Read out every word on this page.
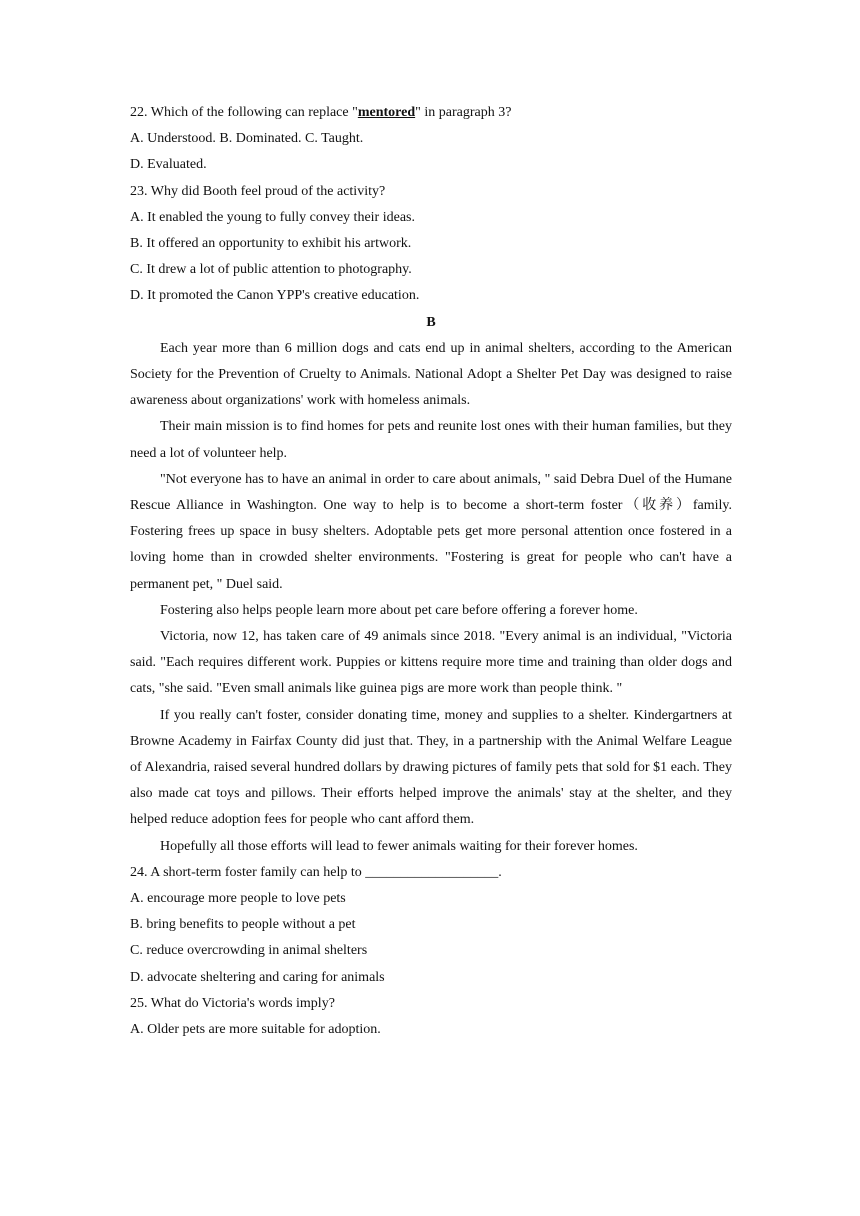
22. Which of the following can replace "mentored" in paragraph 3?
A. Understood. B. Dominated. C. Taught.
D. Evaluated.
23. Why did Booth feel proud of the activity?
A. It enabled the young to fully convey their ideas.
B. It offered an opportunity to exhibit his artwork.
C. It drew a lot of public attention to photography.
D. It promoted the Canon YPP's creative education.
B

Each year more than 6 million dogs and cats end up in animal shelters, according to the American Society for the Prevention of Cruelty to Animals. National Adopt a Shelter Pet Day was designed to raise awareness about organizations' work with homeless animals.

Their main mission is to find homes for pets and reunite lost ones with their human families, but they need a lot of volunteer help.

"Not everyone has to have an animal in order to care about animals, " said Debra Duel of the Humane Rescue Alliance in Washington. One way to help is to become a short-term foster（收养）family. Fostering frees up space in busy shelters. Adoptable pets get more personal attention once fostered in a loving home than in crowded shelter environments. "Fostering is great for people who can't have a permanent pet, " Duel said.

Fostering also helps people learn more about pet care before offering a forever home.

Victoria, now 12, has taken care of 49 animals since 2018. "Every animal is an individual, "Victoria said. "Each requires different work. Puppies or kittens require more time and training than older dogs and cats, "she said. "Even small animals like guinea pigs are more work than people think. "

If you really can't foster, consider donating time, money and supplies to a shelter. Kindergartners at Browne Academy in Fairfax County did just that. They, in a partnership with the Animal Welfare League of Alexandria, raised several hundred dollars by drawing pictures of family pets that sold for $1 each. They also made cat toys and pillows. Their efforts helped improve the animals' stay at the shelter, and they helped reduce adoption fees for people who cant afford them.

Hopefully all those efforts will lead to fewer animals waiting for their forever homes.

24. A short-term foster family can help to ___________________.
A. encourage more people to love pets
B. bring benefits to people without a pet
C. reduce overcrowding in animal shelters
D. advocate sheltering and caring for animals
25. What do Victoria's words imply?
A. Older pets are more suitable for adoption.
